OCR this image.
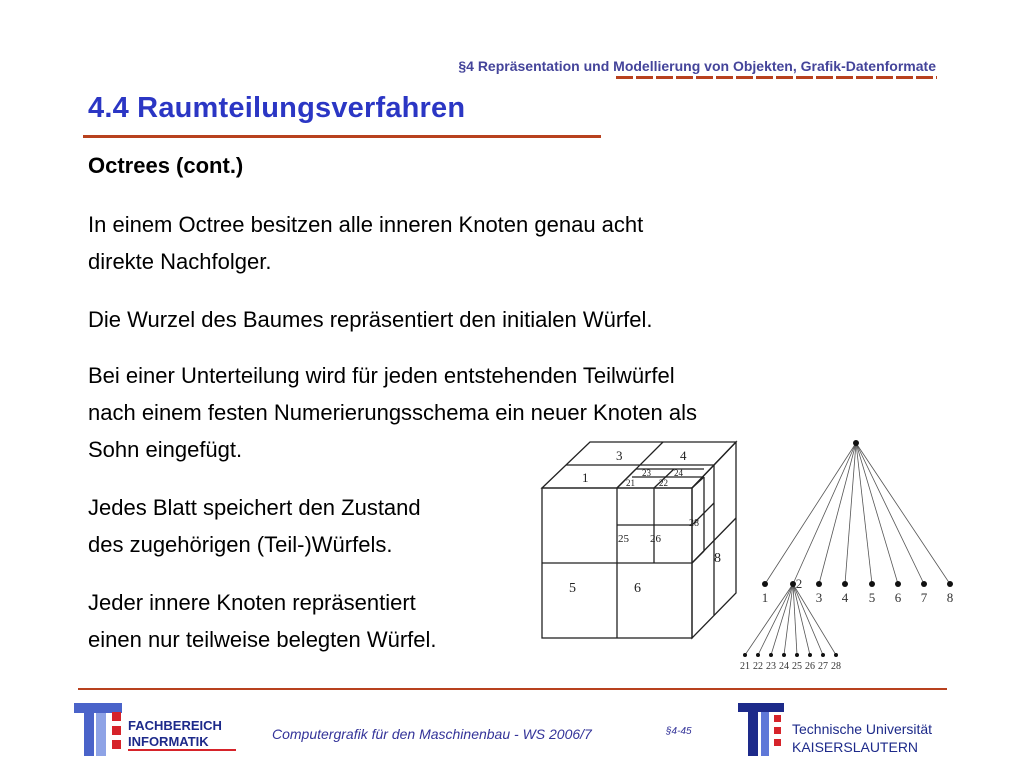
§4 Repräsentation und Modellierung von Objekten, Grafik-Datenformate
4.4 Raumteilungsverfahren
Octrees (cont.)

In einem Octree besitzen alle inneren Knoten genau acht
direkte Nachfolger.

Die Wurzel des Baumes repräsentiert den initialen Würfel.

Bei einer Unterteilung wird für jeden entstehenden Teilwürfel
nach einem festen Numerierungsschema ein neuer Knoten als
Sohn eingefügt.

Jedes Blatt speichert den Zustand
des zugehörigen (Teil-)Würfels.

Jeder innere Knoten repräsentiert
einen nur teilweise belegten Würfel.

1
3	4
23	24
21	22
25 26
28
8
5	6
1
2
3 4 5 6 7 8
21 22 23 24 25 26 27 28
FACHBEREICH
INFORMATIK	Computergrafik für den Maschinenbau - WS 2006/7	§4-45	Technische Universität
KAISERSLAUTERN
